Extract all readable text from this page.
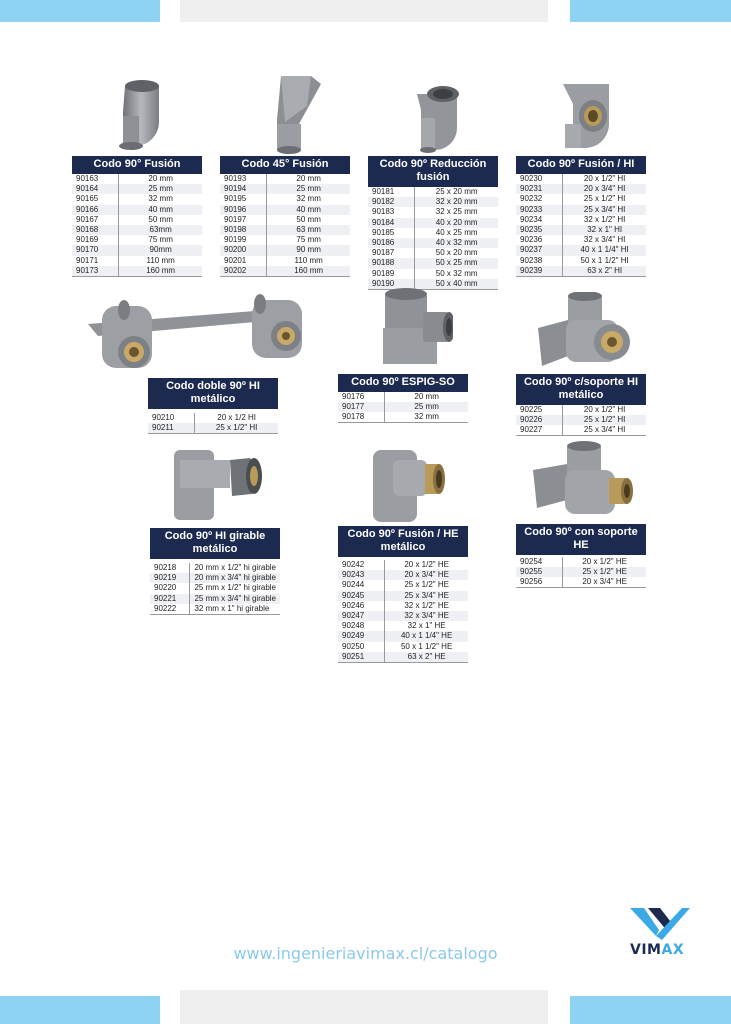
Codo 90° Fusión
90163	20 mm
90164	25 mm
90165	32 mm
90166	40 mm
90167	50 mm
90168	63mm
90169	75 mm
90170	90mm
90171	110 mm
90173	160 mm
Codo 45° Fusión
90193	20 mm
90194	25 mm
90195	32 mm
90196	40 mm
90197	50 mm
90198	63 mm
90199	75 mm
90200	90 mm
90201	110 mm
90202	160 mm
Codo 90º Reducción fusión
90181	25 x 20 mm
90182	32 x 20 mm
90183	32 x 25 mm
90184	40 x 20 mm
90185	40 x 25 mm
90186	40 x 32 mm
90187	50 x 20 mm
90188	50 x 25 mm
90189	50 x 32 mm
90190	50 x 40 mm
Codo 90º Fusión / HI
90230	20 x 1/2" HI
90231	20 x 3/4" HI
90232	25 x 1/2" HI
90233	25 x 3/4" HI
90234	32 x 1/2" HI
90235	32 x 1" HI
90236	32 x 3/4" HI
90237	40 x 1 1/4" HI
90238	50 x 1 1/2" HI
90239	63 x 2" HI
Codo doble 90º HI metálico
90210	20 x 1/2 HI
90211	25 x 1/2" HI
Codo 90º ESPIG-SO
90176	20 mm
90177	25 mm
90178	32 mm
Codo 90º c/soporte HI metálico
90225	20 x 1/2" HI
90226	25 x 1/2" HI
90227	25 x 3/4" HI
Codo 90º HI girable metálico
90218	20 mm x 1/2" hi girable
90219	20 mm x 3/4" hi girable
90220	25 mm x 1/2" hi girable
90221	25 mm x 3/4" hi girable
90222	32 mm x 1" hi girable
Codo 90º Fusión / HE metálico
90242	20 x 1/2" HE
90243	20 x 3/4" HE
90244	25 x 1/2" HE
90245	25 x 3/4" HE
90246	32 x 1/2" HE
90247	32 x 3/4" HE
90248	32 x 1" HE
90249	40 x 1 1/4" HE
90250	50 x 1 1/2" HE
90251	63 x 2" HE
Codo 90º con soporte HE
90254	20 x 1/2" HE
90255	25 x 1/2" HE
90256	20 x 3/4" HE
www.ingenieriavimax.cl/catalogo	VIMAX
